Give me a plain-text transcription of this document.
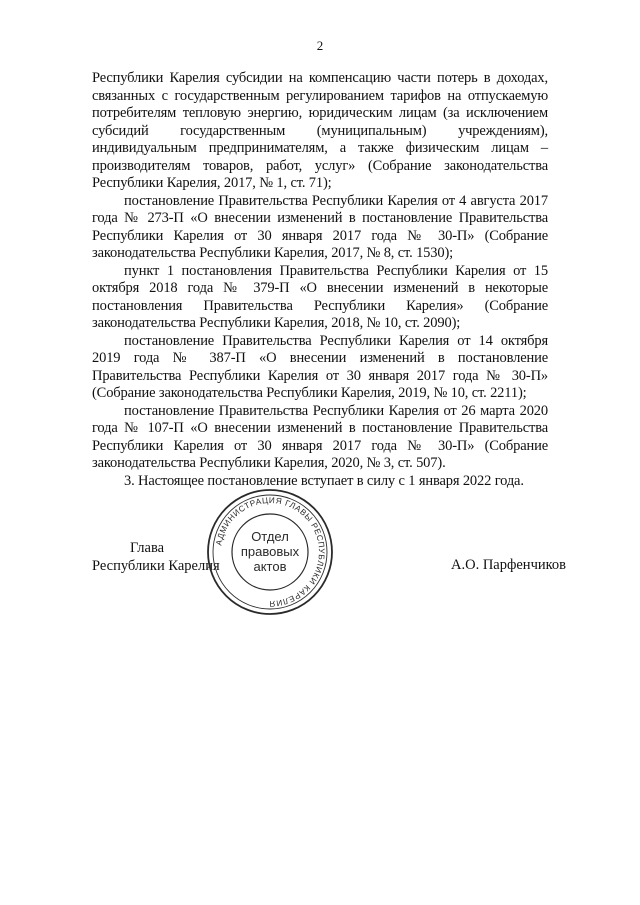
2

Республики Карелия субсидии на компенсацию части потерь в доходах, связанных с государственным регулированием тарифов на отпускаемую потребителям тепловую энергию, юридическим лицам (за исключением субсидий государственным (муниципальным) учреждениям), индивидуальным предпринимателям, а также физическим лицам – производителям товаров, работ, услуг» (Собрание законодательства Республики Карелия, 2017, № 1, ст. 71);

постановление Правительства Республики Карелия от 4 августа 2017 года № 273-П «О внесении изменений в постановление Правительства Республики Карелия от 30 января 2017 года № 30-П» (Собрание законодательства Республики Карелия, 2017, № 8, ст. 1530);

пункт 1 постановления Правительства Республики Карелия от 15 октября 2018 года № 379-П «О внесении изменений в некоторые постановления Правительства Республики Карелия» (Собрание законодательства Республики Карелия, 2018, № 10, ст. 2090);

постановление Правительства Республики Карелия от 14 октября 2019 года № 387-П «О внесении изменений в постановление Правительства Республики Карелия от 30 января 2017 года № 30-П» (Собрание законодательства Республики Карелия, 2019, № 10, ст. 2211);

постановление Правительства Республики Карелия от 26 марта 2020 года № 107-П «О внесении изменений в постановление Правительства Республики Карелия от 30 января 2017 года № 30-П» (Собрание законодательства Республики Карелия, 2020, № 3, ст. 507).

3. Настоящее постановление вступает в силу с 1 января 2022 года.

Глава
Республики Карелия
АДМИНИСТРАЦИЯ ГЛАВЫ РЕСПУБЛИКИ КАРЕЛИЯ
Отдел
правовых
актов	А.О. Парфенчиков
